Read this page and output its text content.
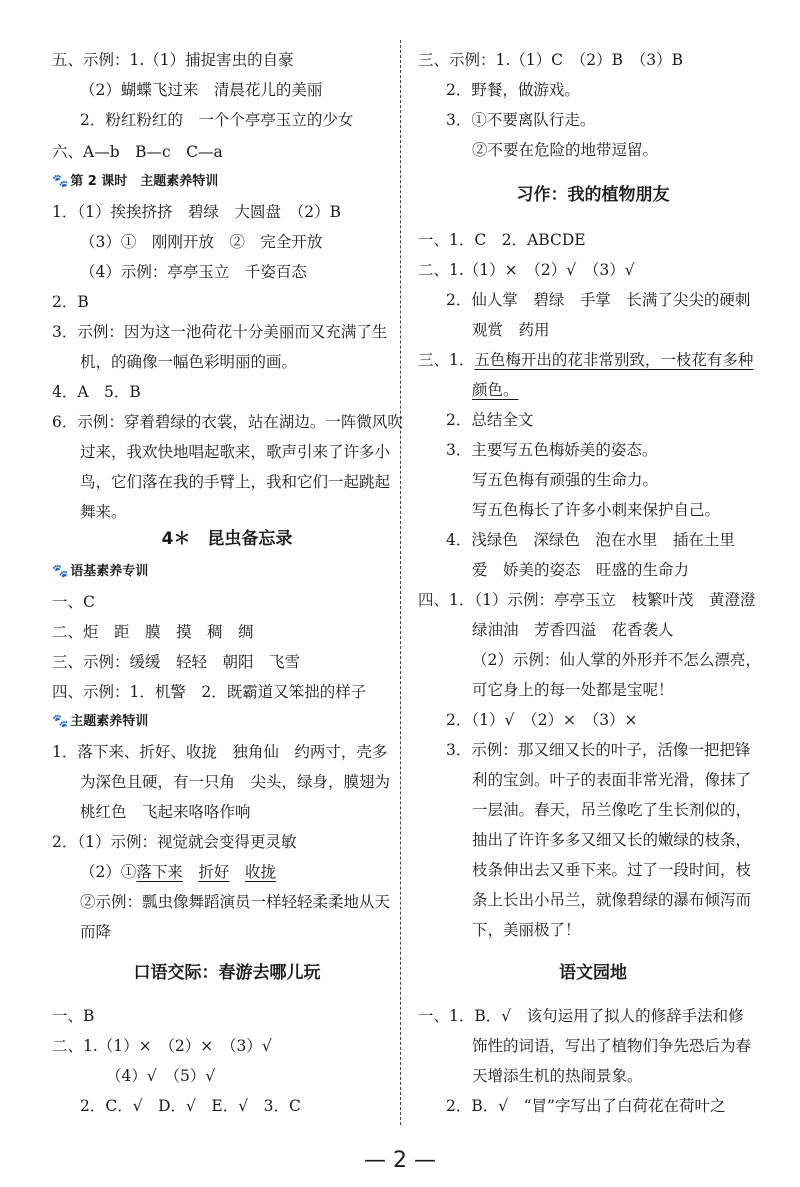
五、示例：1.（1）捕捉害虫的自豪
（2）蝴蝶飞过来　清晨花儿的美丽
2．粉红粉红的　一个个亭亭玉立的少女
六、A—b　B—c　C—a
🐾 第 2 课时　主题素养特训
1．（1）挨挨挤挤　碧绿　大圆盘　（2）B
（3）①　刚刚开放　②　完全开放
（4）示例：亭亭玉立　千姿百态
2．B
3．示例：因为这一池荷花十分美丽而又充满了生
机，的确像一幅色彩明丽的画。
4．A　5．B
6．示例：穿着碧绿的衣裳，站在湖边。一阵微风吹
过来，我欢快地唱起歌来，歌声引来了许多小
鸟，它们落在我的手臂上，我和它们一起跳起
舞来。
4＊　昆虫备忘录
🐾 语基素养专训
一、C
二、炬　距　膜　摸　稠　绸
三、示例：缓缓　轻轻　朝阳　飞雪
四、示例：1．机警　2．既霸道又笨拙的样子
🐾 主题素养特训
1．落下来、折好、收拢　独角仙　约两寸，壳多
为深色且硬，有一只角　尖头，绿身，膜翅为
桃红色　飞起来咯咯作响
2．（1）示例：视觉就会变得更灵敏
（2）①落下来　 折好　 收拢
②示例：瓢虫像舞蹈演员一样轻轻柔柔地从天
而降
口语交际：春游去哪儿玩
一、B
二、1.（1）×　（2）×　（3）√
（4）√　（5）√
2．C．√　D．√　E．√　3．C
三、示例：1.（1）C　（2）B　（3）B
2．野餐，做游戏。
3．①不要离队行走。
②不要在危险的地带逗留。
习作：我的植物朋友
一、1．C　2．ABCDE
二、1.（1）×　（2）√　（3）√
2．仙人掌　碧绿　手掌　长满了尖尖的硬刺
观赏　药用
三、1．五色梅开出的花非常别致，一枝花有多种
颜色。
2．总结全文
3．主要写五色梅娇美的姿态。
写五色梅有顽强的生命力。
写五色梅长了许多小刺来保护自己。
4．浅绿色　深绿色　泡在水里　插在土里
爱　娇美的姿态　旺盛的生命力
四、1．（1）示例：亭亭玉立　枝繁叶茂　黄澄澄
绿油油　芳香四溢　花香袭人
（2）示例：仙人掌的外形并不怎么漂亮，
可它身上的每一处都是宝呢！
2．（1）√　（2）×　（3）×
3．示例：那又细又长的叶子，活像一把把锋
利的宝剑。叶子的表面非常光滑，像抹了
一层油。春天，吊兰像吃了生长剂似的，
抽出了许许多多又细又长的嫩绿的枝条，
枝条伸出去又垂下来。过了一段时间，枝
条上长出小吊兰，就像碧绿的瀑布倾泻而
下，美丽极了！
语文园地
一、1．B．√　该句运用了拟人的修辞手法和修
饰性的词语，写出了植物们争先恐后为春
天增添生机的热闹景象。
2．B．√　“冒”字写出了白荷花在荷叶之
— 2 —
